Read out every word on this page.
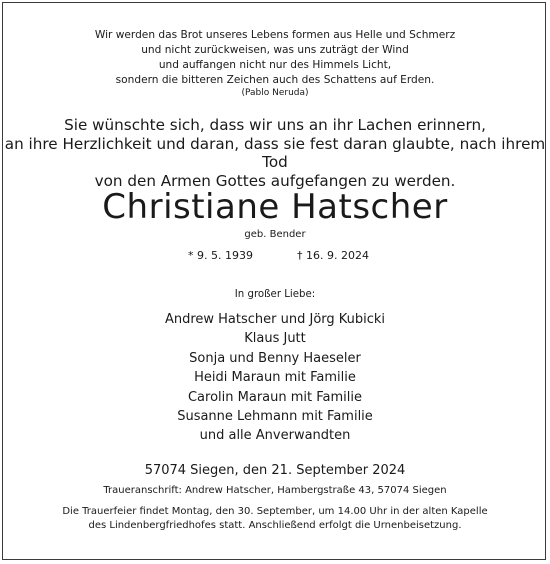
Wir werden das Brot unseres Lebens formen aus Helle und Schmerz
und nicht zurückweisen, was uns zuträgt der Wind
und auffangen nicht nur des Himmels Licht,
sondern die bitteren Zeichen auch des Schattens auf Erden.
(Pablo Neruda)
Sie wünschte sich, dass wir uns an ihr Lachen erinnern,
an ihre Herzlichkeit und daran, dass sie fest daran glaubte, nach ihrem Tod
von den Armen Gottes aufgefangen zu werden.
Christiane Hatscher
geb. Bender
* 9. 5. 1939	† 16. 9. 2024
In großer Liebe:
Andrew Hatscher und Jörg Kubicki
Klaus Jutt
Sonja und Benny Haeseler
Heidi Maraun mit Familie
Carolin Maraun mit Familie
Susanne Lehmann mit Familie
und alle Anverwandten
57074 Siegen, den 21. September 2024
Traueranschrift: Andrew Hatscher, Hambergstraße 43, 57074 Siegen
Die Trauerfeier findet Montag, den 30. September, um 14.00 Uhr in der alten Kapelle
des Lindenbergfriedhofes statt. Anschließend erfolgt die Urnenbeisetzung.
